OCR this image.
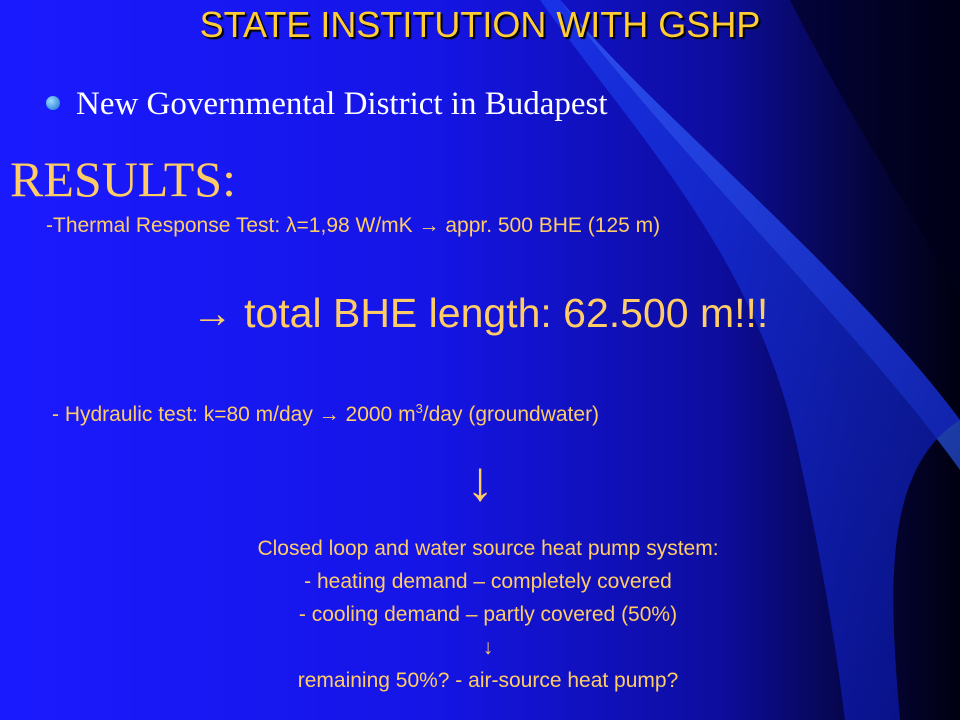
STATE INSTITUTION WITH GSHP
New Governmental District in Budapest
RESULTS:
-Thermal Response Test: λ=1,98 W/mK → appr. 500 BHE (125 m)
→ total BHE length: 62.500 m!!!
- Hydraulic test: k=80 m/day → 2000 $m^3$/day (groundwater)
↓
Closed loop and water source heat pump system:
- heating demand – completely covered
- cooling demand – partly covered (50%)
↓
remaining 50%? - air-source heat pump?
